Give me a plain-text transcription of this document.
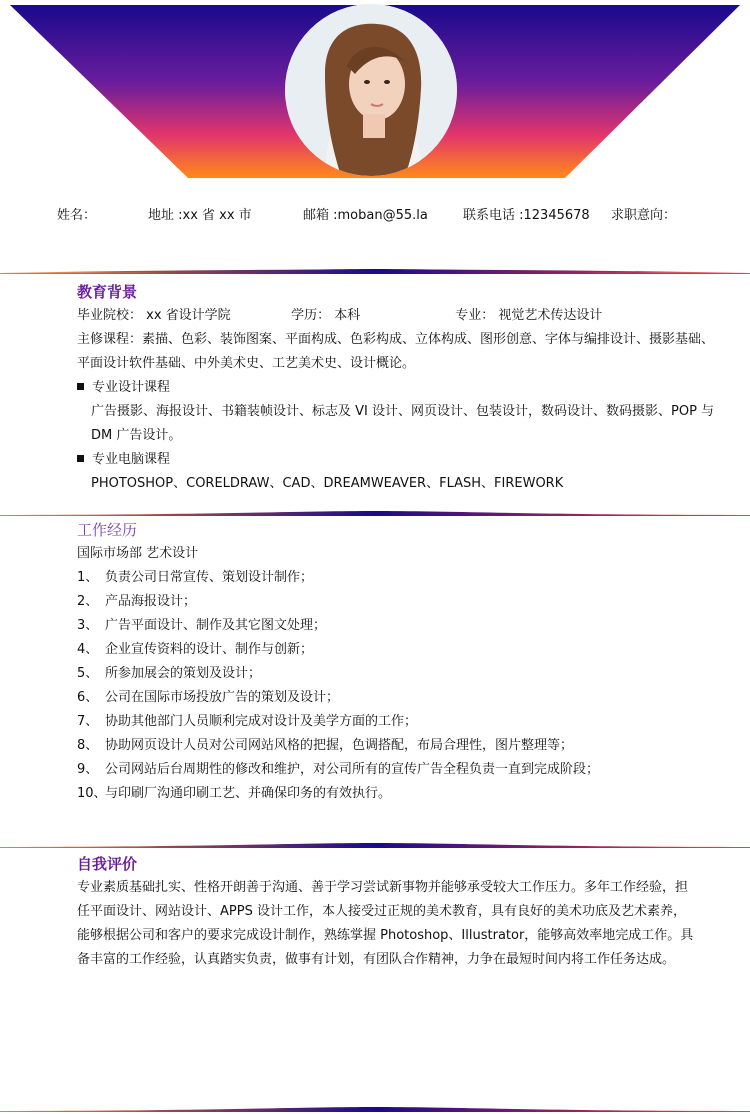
姓名：	地址 :xx 省 xx 市	邮箱 :moban@55.la	联系电话 :12345678 求职意向：
教育背景
毕业院校： xx 省设计学院	学历： 本科	专业： 视觉艺术传达设计
主修课程：素描、色彩、装饰图案、平面构成、色彩构成、立体构成、图形创意、字体与编排设计、摄影基础、平面设计软件基础、中外美术史、工艺美术史、设计概论。
专业设计课程
广告摄影、海报设计、书籍装帧设计、标志及 VI 设计、网页设计、包装设计，数码设计、数码摄影、POP 与 DM 广告设计。
专业电脑课程
PHOTOSHOP、CORELDRAW、CAD、DREAMWEAVER、FLASH、FIREWORK
工作经历
国际市场部 艺术设计
1、 负责公司日常宣传、策划设计制作；
2、 产品海报设计；
3、 广告平面设计、制作及其它图文处理；
4、 企业宣传资料的设计、制作与创新；
5、 所参加展会的策划及设计；
6、 公司在国际市场投放广告的策划及设计；
7、 协助其他部门人员顺利完成对设计及美学方面的工作；
8、 协助网页设计人员对公司网站风格的把握，色调搭配，布局合理性，图片整理等；
9、 公司网站后台周期性的修改和维护，对公司所有的宣传广告全程负责一直到完成阶段；
10、与印刷厂沟通印刷工艺、并确保印务的有效执行。
自我评价
专业素质基础扎实、性格开朗善于沟通、善于学习尝试新事物并能够承受较大工作压力。多年工作经验，担任平面设计、网站设计、APPS 设计工作，本人接受过正规的美术教育，具有良好的美术功底及艺术素养，能够根据公司和客户的要求完成设计制作，熟练掌握 Photoshop、Illustrator，能够高效率地完成工作。具备丰富的工作经验，认真踏实负责，做事有计划，有团队合作精神，力争在最短时间内将工作任务达成。
